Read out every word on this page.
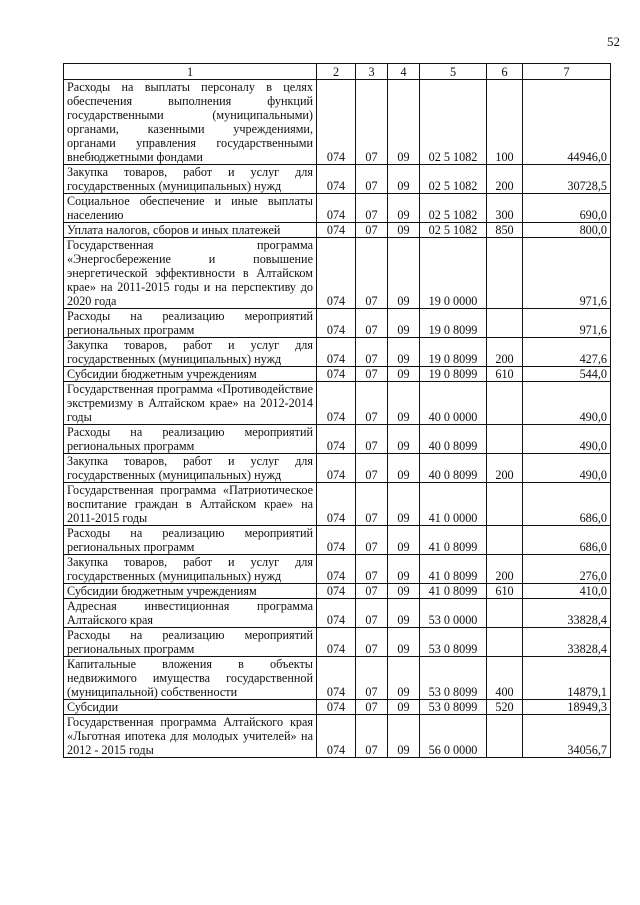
52
1	2	3	4	5	6	7
Расходы на выплаты персоналу в целях обеспечения выполнения функций государственными (муниципальными) органами, казенными учреждениями, органами управления государственными внебюджетными фондами	074	07	09	02 5 1082	100	44946,0
Закупка товаров, работ и услуг для государственных (муниципальных) нужд	074	07	09	02 5 1082	200	30728,5
Социальное обеспечение и иные выплаты населению	074	07	09	02 5 1082	300	690,0
Уплата налогов, сборов и иных платежей	074	07	09	02 5 1082	850	800,0
Государственная программа «Энергосбережение и повышение энергетической эффективности в Алтайском крае» на 2011-2015 годы и на перспективу до 2020 года	074	07	09	19 0 0000		971,6
Расходы на реализацию мероприятий региональных программ	074	07	09	19 0 8099		971,6
Закупка товаров, работ и услуг для государственных (муниципальных) нужд	074	07	09	19 0 8099	200	427,6
Субсидии бюджетным учреждениям	074	07	09	19 0 8099	610	544,0
Государственная программа «Противодействие экстремизму в Алтайском крае» на 2012-2014 годы	074	07	09	40 0 0000		490,0
Расходы на реализацию мероприятий региональных программ	074	07	09	40 0 8099		490,0
Закупка товаров, работ и услуг для государственных (муниципальных) нужд	074	07	09	40 0 8099	200	490,0
Государственная программа «Патриотическое воспитание граждан в Алтайском крае» на 2011-2015 годы	074	07	09	41 0 0000		686,0
Расходы на реализацию мероприятий региональных программ	074	07	09	41 0 8099		686,0
Закупка товаров, работ и услуг для государственных (муниципальных) нужд	074	07	09	41 0 8099	200	276,0
Субсидии бюджетным учреждениям	074	07	09	41 0 8099	610	410,0
Адресная инвестиционная программа Алтайского края	074	07	09	53 0 0000		33828,4
Расходы на реализацию мероприятий региональных программ	074	07	09	53 0 8099		33828,4
Капитальные вложения в объекты недвижимого имущества государственной (муниципальной) собственности	074	07	09	53 0 8099	400	14879,1
Субсидии	074	07	09	53 0 8099	520	18949,3
Государственная программа Алтайского края «Льготная ипотека для молодых учителей» на 2012 - 2015 годы	074	07	09	56 0 0000		34056,7
